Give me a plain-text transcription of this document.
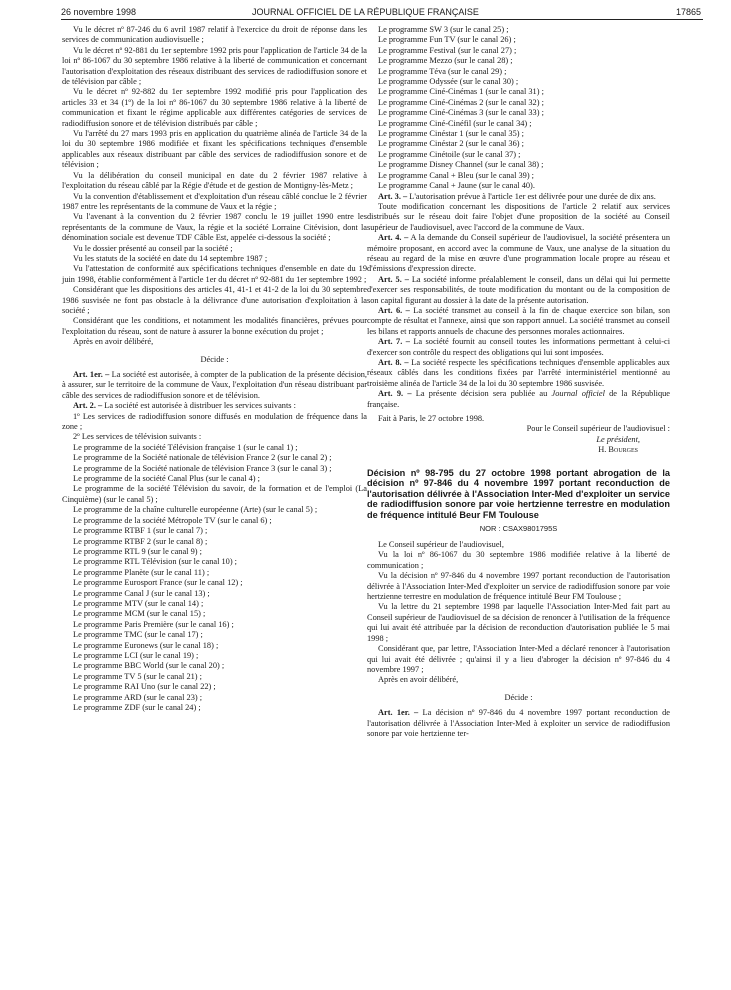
26 novembre 1998	JOURNAL OFFICIEL DE LA RÉPUBLIQUE FRANÇAISE	17865
Vu le décret nº 87-246 du 6 avril 1987 relatif à l'exercice du droit de réponse dans les services de communication audiovisuelle ;
Vu le décret nº 92-881 du 1er septembre 1992 pris pour l'application de l'article 34 de la loi nº 86-1067 du 30 septembre 1986 relative à la liberté de communication et concernant l'autorisation d'exploitation des réseaux distribuant des services de radiodiffusion sonore et de télévision par câble ;
Vu le décret nº 92-882 du 1er septembre 1992 modifié pris pour l'application des articles 33 et 34 (1º) de la loi nº 86-1067 du 30 septembre 1986 relative à la liberté de communication et fixant le régime applicable aux différentes catégories de services de radiodiffusion sonore et de télévision distribués par câble ;
Vu l'arrêté du 27 mars 1993 pris en application du quatrième alinéa de l'article 34 de la loi du 30 septembre 1986 modifiée et fixant les spécifications techniques d'ensemble applicables aux réseaux distribuant par câble des services de radiodiffusion sonore et de télévision ;
Vu la délibération du conseil municipal en date du 2 février 1987 relative à l'exploitation du réseau câblé par la Régie d'étude et de gestion de Montigny-lès-Metz ;
Vu la convention d'établissement et d'exploitation d'un réseau câblé conclue le 2 février 1987 entre les représentants de la commune de Vaux et la régie ;
Vu l'avenant à la convention du 2 février 1987 conclu le 19 juillet 1990 entre les représentants de la commune de Vaux, la régie et la société Lorraine Citévision, dont la dénomination sociale est devenue TDF Câble Est, appelée ci-dessous la société ;
Vu le dossier présenté au conseil par la société ;
Vu les statuts de la société en date du 14 septembre 1987 ;
Vu l'attestation de conformité aux spécifications techniques d'ensemble en date du 19 juin 1998, établie conformément à l'article 1er du décret nº 92-881 du 1er septembre 1992 ;
Considérant que les dispositions des articles 41, 41-1 et 41-2 de la loi du 30 septembre 1986 susvisée ne font pas obstacle à la délivrance d'une autorisation d'exploitation à la société ;
Considérant que les conditions, et notamment les modalités financières, prévues pour l'exploitation du réseau, sont de nature à assurer la bonne exécution du projet ;
Après en avoir délibéré,
Décide :
Art. 1er. – La société est autorisée, à compter de la publication de la présente décision, à assurer, sur le territoire de la commune de Vaux, l'exploitation d'un réseau distribuant par câble des services de radiodiffusion sonore et de télévision.
Art. 2. – La société est autorisée à distribuer les services suivants :
1º Les services de radiodiffusion sonore diffusés en modulation de fréquence dans la zone ;
2º Les services de télévision suivants :
Le programme de la société Télévision française 1 (sur le canal 1) ;
Le programme de la Société nationale de télévision France 2 (sur le canal 2) ;
Le programme de la Société nationale de télévision France 3 (sur le canal 3) ;
Le programme de la société Canal Plus (sur le canal 4) ;
Le programme de la société Télévision du savoir, de la formation et de l'emploi (La Cinquième) (sur le canal 5) ;
Le programme de la chaîne culturelle européenne (Arte) (sur le canal 5) ;
Le programme de la société Métropole TV (sur le canal 6) ;
Le programme RTBF 1 (sur le canal 7) ;
Le programme RTBF 2 (sur le canal 8) ;
Le programme RTL 9 (sur le canal 9) ;
Le programme RTL Télévision (sur le canal 10) ;
Le programme Planète (sur le canal 11) ;
Le programme Eurosport France (sur le canal 12) ;
Le programme Canal J (sur le canal 13) ;
Le programme MTV (sur le canal 14) ;
Le programme MCM (sur le canal 15) ;
Le programme Paris Première (sur le canal 16) ;
Le programme TMC (sur le canal 17) ;
Le programme Euronews (sur le canal 18) ;
Le programme LCI (sur le canal 19) ;
Le programme BBC World (sur le canal 20) ;
Le programme TV 5 (sur le canal 21) ;
Le programme RAI Uno (sur le canal 22) ;
Le programme ARD (sur le canal 23) ;
Le programme ZDF (sur le canal 24) ;
Le programme SW 3 (sur le canal 25) ;
Le programme Fun TV (sur le canal 26) ;
Le programme Festival (sur le canal 27) ;
Le programme Mezzo (sur le canal 28) ;
Le programme Téva (sur le canal 29) ;
Le programme Odyssée (sur le canal 30) ;
Le programme Ciné-Cinémas 1 (sur le canal 31) ;
Le programme Ciné-Cinémas 2 (sur le canal 32) ;
Le programme Ciné-Cinémas 3 (sur le canal 33) ;
Le programme Ciné-Cinéfil (sur le canal 34) ;
Le programme Cinéstar 1 (sur le canal 35) ;
Le programme Cinéstar 2 (sur le canal 36) ;
Le programme Cinétoile (sur le canal 37) ;
Le programme Disney Channel (sur le canal 38) ;
Le programme Canal + Bleu (sur le canal 39) ;
Le programme Canal + Jaune (sur le canal 40).
Art. 3. – L'autorisation prévue à l'article 1er est délivrée pour une durée de dix ans.
Toute modification concernant les dispositions de l'article 2 relatif aux services distribués sur le réseau doit faire l'objet d'une proposition de la société au Conseil supérieur de l'audiovisuel, avec l'accord de la commune de Vaux.
Art. 4. – A la demande du Conseil supérieur de l'audiovisuel, la société présentera un mémoire proposant, en accord avec la commune de Vaux, une analyse de la situation du réseau au regard de la mise en œuvre d'une programmation locale propre au réseau et d'émissions d'expression directe.
Art. 5. – La société informe préalablement le conseil, dans un délai qui lui permette d'exercer ses responsabilités, de toute modification du montant ou de la composition de son capital figurant au dossier à la date de la présente autorisation.
Art. 6. – La société transmet au conseil à la fin de chaque exercice son bilan, son compte de résultat et l'annexe, ainsi que son rapport annuel. La société transmet au conseil les bilans et rapports annuels de chacune des personnes morales actionnaires.
Art. 7. – La société fournit au conseil toutes les informations permettant à celui-ci d'exercer son contrôle du respect des obligations qui lui sont imposées.
Art. 8. – La société respecte les spécifications techniques d'ensemble applicables aux réseaux câblés dans les conditions fixées par l'arrêté interministériel mentionné au troisième alinéa de l'article 34 de la loi du 30 septembre 1986 susvisée.
Art. 9. – La présente décision sera publiée au Journal officiel de la République française.
Fait à Paris, le 27 octobre 1998.
Pour le Conseil supérieur de l'audiovisuel :
Le président,
H. Bourges
Décision nº 98-795 du 27 octobre 1998 portant abrogation de la décision nº 97-846 du 4 novembre 1997 portant reconduction de l'autorisation délivrée à l'Association Inter-Med d'exploiter un service de radiodiffusion sonore par voie hertzienne terrestre en modulation de fréquence intitulé Beur FM Toulouse
NOR : CSAX9801795S
Le Conseil supérieur de l'audiovisuel,
Vu la loi nº 86-1067 du 30 septembre 1986 modifiée relative à la liberté de communication ;
Vu la décision nº 97-846 du 4 novembre 1997 portant reconduction de l'autorisation délivrée à l'Association Inter-Med d'exploiter un service de radiodiffusion sonore par voie hertzienne terrestre en modulation de fréquence intitulé Beur FM Toulouse ;
Vu la lettre du 21 septembre 1998 par laquelle l'Association Inter-Med fait part au Conseil supérieur de l'audiovisuel de sa décision de renoncer à l'utilisation de la fréquence qui lui avait été attribuée par la décision de reconduction d'autorisation publiée le 5 mai 1998 ;
Considérant que, par lettre, l'Association Inter-Med a déclaré renoncer à l'autorisation qui lui avait été délivrée ; qu'ainsi il y a lieu d'abroger la décision nº 97-846 du 4 novembre 1997 ;
Après en avoir délibéré,
Décide :
Art. 1er. – La décision nº 97-846 du 4 novembre 1997 portant reconduction de l'autorisation délivrée à l'Association Inter-Med à exploiter un service de radiodiffusion sonore par voie hertzienne ter-
